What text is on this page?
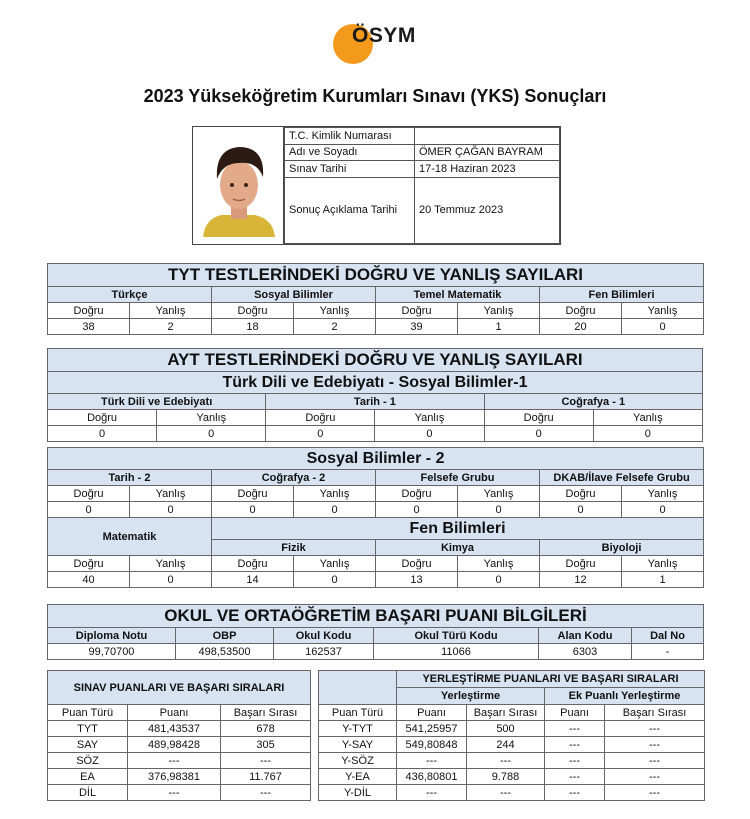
ÖSYM
2023 Yükseköğretim Kurumları Sınavı (YKS) Sonuçları
T.C. Kimlik Numarası	
Adı ve Soyadı	ÖMER ÇAĞAN BAYRAM
Sınav Tarihi	17-18 Haziran 2023
Sonuç Açıklama Tarihi	20 Temmuz 2023
TYT TESTLERİNDEKİ DOĞRU VE YANLIŞ SAYILARI							
Türkçe		Sosyal Bilimler		Temel Matematik		Fen Bilimleri	
Doğru	Yanlış	Doğru	Yanlış	Doğru	Yanlış	Doğru	Yanlış
38	2	18	2	39	1	20	0
AYT TESTLERİNDEKİ DOĞRU VE YANLIŞ SAYILARI					
Türk Dili ve Edebiyatı - Sosyal Bilimler-1					
Türk Dili ve Edebiyatı		Tarih - 1		Coğrafya - 1	
Doğru	Yanlış	Doğru	Yanlış	Doğru	Yanlış
0	0	0	0	0	0
Sosyal Bilimler - 2							
Tarih - 2		Coğrafya - 2		Felsefe Grubu		DKAB/İlave Felsefe Grubu	
Doğru	Yanlış	Doğru	Yanlış	Doğru	Yanlış	Doğru	Yanlış
0	0	0	0	0	0	0	0
Matematik		Fen Bilimleri					
		Fizik		Kimya		Biyoloji	
Doğru	Yanlış	Doğru	Yanlış	Doğru	Yanlış	Doğru	Yanlış
40	0	14	0	13	0	12	1
OKUL VE ORTAÖĞRETİM BAŞARI PUANI BİLGİLERİ					
Diploma Notu	OBP	Okul Kodu	Okul Türü Kodu	Alan Kodu	Dal No
99,70700	498,53500	162537	11066	6303	-
SINAV PUANLARI VE BAŞARI SIRALARI		
Puan Türü	Puanı	Başarı Sırası
TYT	481,43537	678
SAY	489,98428	305
SÖZ	---	---
EA	376,98381	11.767
DİL	---	---
	YERLEŞTİRME PUANLARI VE BAŞARI SIRALARI			
	Yerleştirme		Ek Puanlı Yerleştirme	
Puan Türü	Puanı	Başarı Sırası	Puanı	Başarı Sırası
Y-TYT	541,25957	500	---	---
Y-SAY	549,80848	244	---	---
Y-SÖZ	---	---	---	---
Y-EA	436,80801	9.788	---	---
Y-DİL	---	---	---	---
